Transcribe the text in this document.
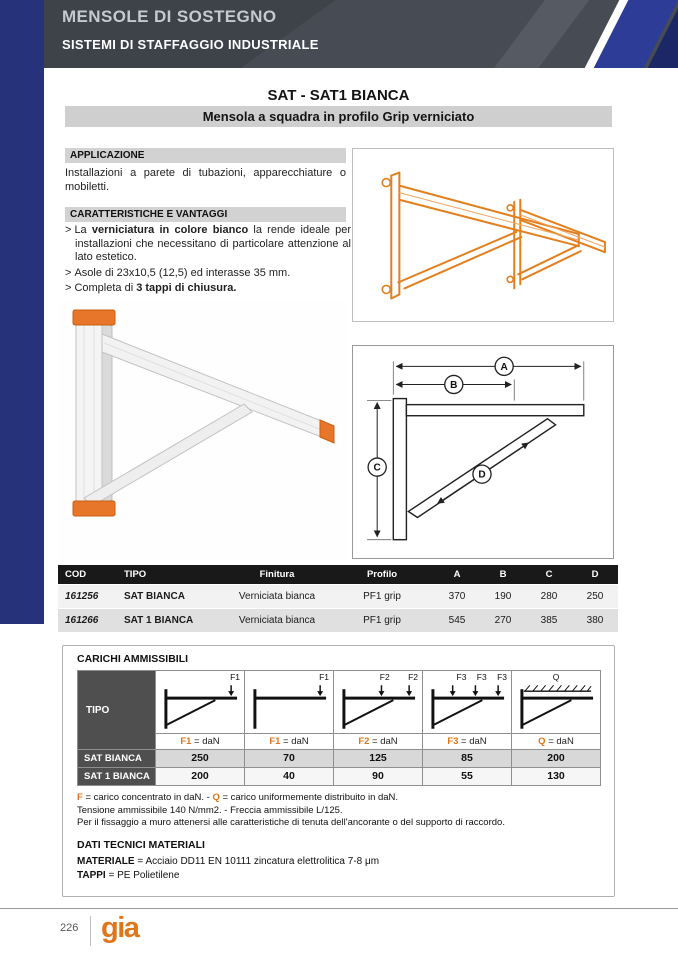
MENSOLE DI SOSTEGNO
SISTEMI DI STAFFAGGIO INDUSTRIALE
SAT - SAT1 BIANCA
Mensola a squadra in profilo Grip verniciato
APPLICAZIONE

Installazioni a parete di tubazioni, apparecchiature o mobiletti.

CARATTERISTICHE E VANTAGGI
> La verniciatura in colore bianco la rende ideale per installazioni che necessitano di particolare attenzione al lato estetico.
> Asole di 23x10,5 (12,5) ed interasse 35 mm.
> Completa di 3 tappi di chiusura.
A
B
C
D
COD	TIPO	Finitura	Profilo	A	B	C	D
161256	SAT BIANCA	Verniciata bianca	PF1 grip	370	190	280	250
161266	SAT 1 BIANCA	Verniciata bianca	PF1 grip	545	270	385	380
CARICHI AMMISSIBILI
TIPO	F1	F1	F2 F2	F3 F3 F3	Q

	F1 = daN	F1 = daN	F2 = daN	F3 = daN	Q = daN
SAT BIANCA	250	70	125	85	200
SAT 1 BIANCA	200	40	90	55	130
F = carico concentrato in daN. - Q = carico uniformemente distribuito in daN.
Tensione ammissibile 140 N/mm2. - Freccia ammissibile L/125.
Per il fissaggio a muro attenersi alle caratteristiche di tenuta dell'ancorante o del supporto di raccordo.
DATI TECNICI MATERIALI
MATERIALE = Acciaio DD11 EN 10111 zincatura elettrolitica 7-8 μm
TAPPI = PE Polietilene
226 gia
